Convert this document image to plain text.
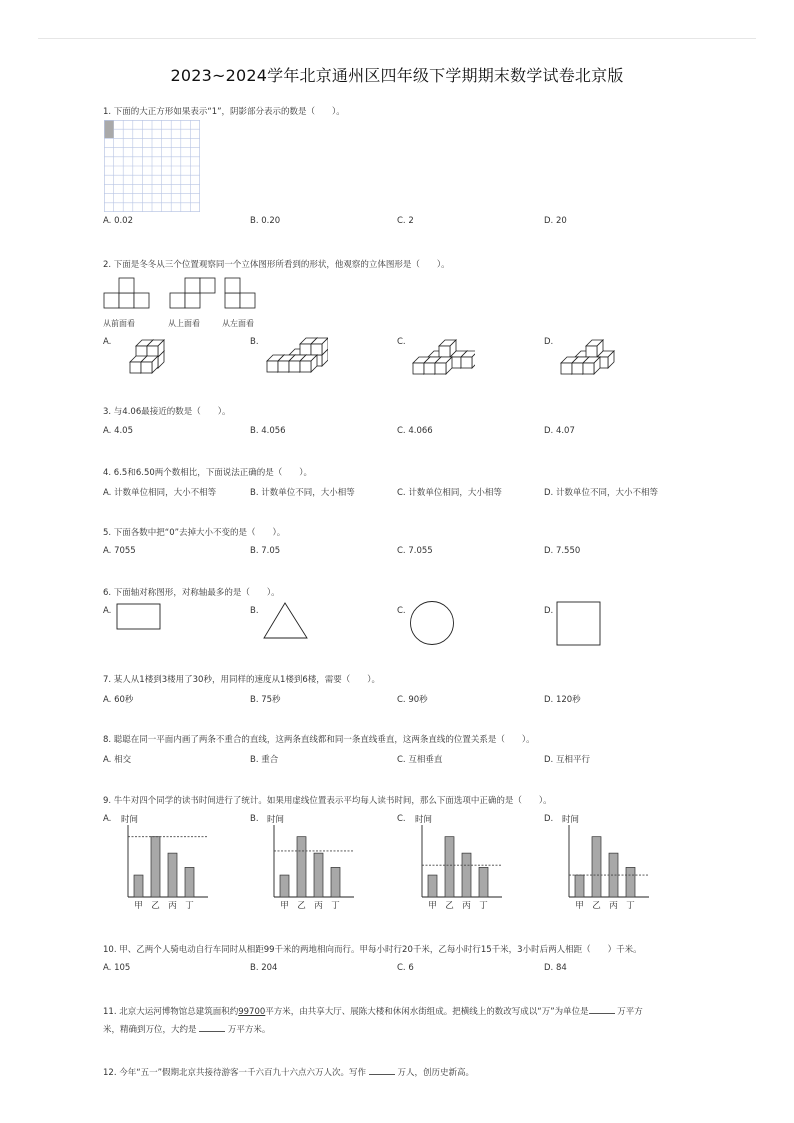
2023~2024学年北京通州区四年级下学期期末数学试卷北京版
1. 下面的大正方形如果表示“1”，阴影部分表示的数是（　　）。
A. 0.02	B. 0.20	C. 2	D. 20
2. 下面是冬冬从三个位置观察同一个立体图形所看到的形状，他观察的立体图形是（　　）。
从前面看	从上面看	从左面看
A.	B.	C.	D.
3. 与4.06最接近的数是（　　）。
A. 4.05	B. 4.056	C. 4.066	D. 4.07
4. 6.5和6.50两个数相比，下面说法正确的是（　　）。
A. 计数单位相同，大小不相等	B. 计数单位不同，大小相等	C. 计数单位相同，大小相等	D. 计数单位不同，大小不相等
5. 下面各数中把“0”去掉大小不变的是（　　）。
A. 7055	B. 7.05	C. 7.055	D. 7.550
6. 下面轴对称图形，对称轴最多的是（　　）。
A.	B.	C.	D.
7. 某人从1楼到3楼用了30秒，用同样的速度从1楼到6楼，需要（　　）。
A. 60秒	B. 75秒	C. 90秒	D. 120秒
8. 聪聪在同一平面内画了两条不重合的直线，这两条直线都和同一条直线垂直，这两条直线的位置关系是（　　）。
A. 相交	B. 重合	C. 互相垂直	D. 互相平行
9. 牛牛对四个同学的读书时间进行了统计。如果用虚线位置表示平均每人读书时间，那么下面选项中正确的是（　　）。
A.	B.	C.	D.
时间
甲 乙 丙 丁
时间
甲 乙 丙 丁
时间
甲 乙 丙 丁
时间
甲 乙 丙 丁
10. 甲、乙两个人骑电动自行车同时从相距99千米的两地相向而行。甲每小时行20千米，乙每小时行15千米，3小时后两人相距（　　）千米。
A. 105	B. 204	C. 6	D. 84
11. 北京大运河博物馆总建筑面积约99700平方米，由共享大厅、展陈大楼和休闲水街组成。把横线上的数改写成以“万”为单位是	万平方
米，精确到万位，大约是	万平方米。
12. 今年“五一”假期北京共接待游客一千六百九十六点六万人次。写作	万人，创历史新高。
